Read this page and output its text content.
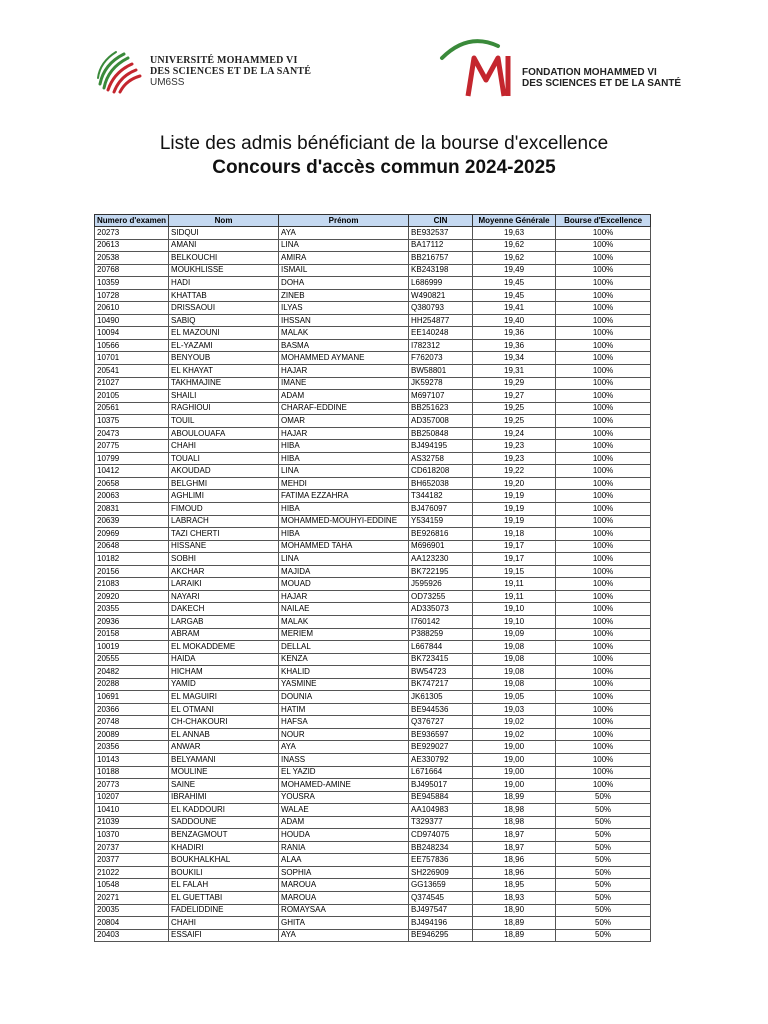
UNIVERSITÉ MOHAMMED VI
DES SCIENCES ET DE LA SANTÉ
UM6SS
FONDATION MOHAMMED VI
DES SCIENCES ET DE LA SANTÉ
Liste des admis bénéficiant de la bourse d'excellence
Concours d'accès commun 2024-2025
Numero d'examen	Nom	Prénom	CIN	Moyenne Générale	Bourse d'Excellence
20273	SIDQUI	AYA	BE932537	19,63	100%
20613	AMANI	LINA	BA17112	19,62	100%
20538	BELKOUCHI	AMIRA	BB216757	19,62	100%
20768	MOUKHLISSE	ISMAIL	KB243198	19,49	100%
10359	HADI	DOHA	L686999	19,45	100%
10728	KHATTAB	ZINEB	W490821	19,45	100%
20610	DRISSAOUI	ILYAS	Q380793	19,41	100%
10490	SABIQ	IHSSAN	HH254877	19,40	100%
10094	EL MAZOUNI	MALAK	EE140248	19,36	100%
10566	EL-YAZAMI	BASMA	I782312	19,36	100%
10701	BENYOUB	MOHAMMED AYMANE	F762073	19,34	100%
20541	EL KHAYAT	HAJAR	BW58801	19,31	100%
21027	TAKHMAJINE	IMANE	JK59278	19,29	100%
20105	SHAILI	ADAM	M697107	19,27	100%
20561	RAGHIOUI	CHARAF-EDDINE	BB251623	19,25	100%
10375	TOUIL	OMAR	AD357008	19,25	100%
20473	ABOULOUAFA	HAJAR	BB250848	19,24	100%
20775	CHAHI	HIBA	BJ494195	19,23	100%
10799	TOUALI	HIBA	AS32758	19,23	100%
10412	AKOUDAD	LINA	CD618208	19,22	100%
20658	BELGHMI	MEHDI	BH652038	19,20	100%
20063	AGHLIMI	FATIMA EZZAHRA	T344182	19,19	100%
20831	FIMOUD	HIBA	BJ476097	19,19	100%
20639	LABRACH	MOHAMMED-MOUHYI-EDDINE	Y534159	19,19	100%
20969	TAZI CHERTI	HIBA	BE926816	19,18	100%
20648	HISSANE	MOHAMMED TAHA	M696901	19,17	100%
10182	SOBHI	LINA	AA123230	19,17	100%
20156	AKCHAR	MAJIDA	BK722195	19,15	100%
21083	LARAIKI	MOUAD	J595926	19,11	100%
20920	NAYARI	HAJAR	OD73255	19,11	100%
20355	DAKECH	NAILAE	AD335073	19,10	100%
20936	LARGAB	MALAK	I760142	19,10	100%
20158	ABRAM	MERIEM	P388259	19,09	100%
10019	EL MOKADDEME	DELLAL	L667844	19,08	100%
20555	HAIDA	KENZA	BK723415	19,08	100%
20482	HICHAM	KHALID	BW54723	19,08	100%
20288	YAMID	YASMINE	BK747217	19,08	100%
10691	EL MAGUIRI	DOUNIA	JK61305	19,05	100%
20366	EL OTMANI	HATIM	BE944536	19,03	100%
20748	CH-CHAKOURI	HAFSA	Q376727	19,02	100%
20089	EL ANNAB	NOUR	BE936597	19,02	100%
20356	ANWAR	AYA	BE929027	19,00	100%
10143	BELYAMANI	INASS	AE330792	19,00	100%
10188	MOULINE	EL YAZID	L671664	19,00	100%
20773	SAINE	MOHAMED-AMINE	BJ495017	19,00	100%
10207	IBRAHIMI	YOUSRA	BE945884	18,99	50%
10410	EL KADDOURI	WALAE	AA104983	18,98	50%
21039	SADDOUNE	ADAM	T329377	18,98	50%
10370	BENZAGMOUT	HOUDA	CD974075	18,97	50%
20737	KHADIRI	RANIA	BB248234	18,97	50%
20377	BOUKHALKHAL	ALAA	EE757836	18,96	50%
21022	BOUKILI	SOPHIA	SH226909	18,96	50%
10548	EL FALAH	MAROUA	GG13659	18,95	50%
20271	EL GUETTABI	MAROUA	Q374545	18,93	50%
20035	FADELIDDINE	ROMAYSAA	BJ497547	18,90	50%
20804	CHAHI	GHITA	BJ494196	18,89	50%
20403	ESSAIFI	AYA	BE946295	18,89	50%
